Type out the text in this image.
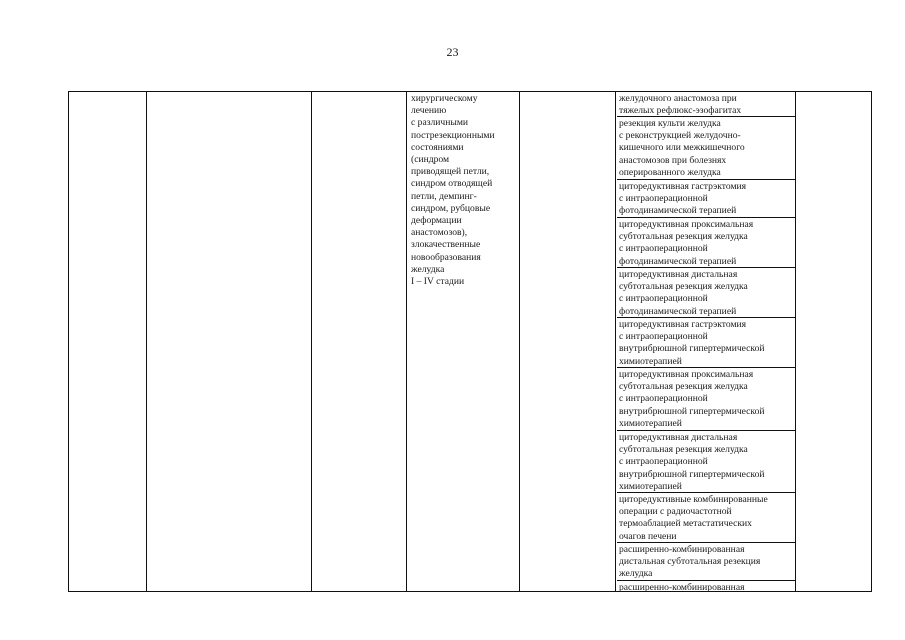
23
хирургическому
лечению
с различными
пострезекционными
состояниями
(синдром
приводящей петли,
синдром отводящей
петли, демпинг-
синдром, рубцовые
деформации
анастомозов),
злокачественные
новообразования
желудка
I – IV стадии
желудочного анастомоза при
тяжелых рефлюкс-эзофагитах
резекция культи желудка
с реконструкцией желудочно-
кишечного или межкишечного
анастомозов при болезнях
оперированного желудка
циторедуктивная гастрэктомия
с интраоперационной
фотодинамической терапией
циторедуктивная проксимальная
субтотальная резекция желудка
с интраоперационной
фотодинамической терапией
циторедуктивная дистальная
субтотальная резекция желудка
с интраоперационной
фотодинамической терапией
циторедуктивная гастрэктомия
с интраоперационной
внутрибрюшной гипертермической
химиотерапией
циторедуктивная проксимальная
субтотальная резекция желудка
с интраоперационной
внутрибрюшной гипертермической
химиотерапией
циторедуктивная дистальная
субтотальная резекция желудка
с интраоперационной
внутрибрюшной гипертермической
химиотерапией
циторедуктивные комбинированные
операции с радиочастотной
термоаблацией метастатических
очагов печени
расширенно-комбинированная
дистальная субтотальная резекция
желудка
расширенно-комбинированная
